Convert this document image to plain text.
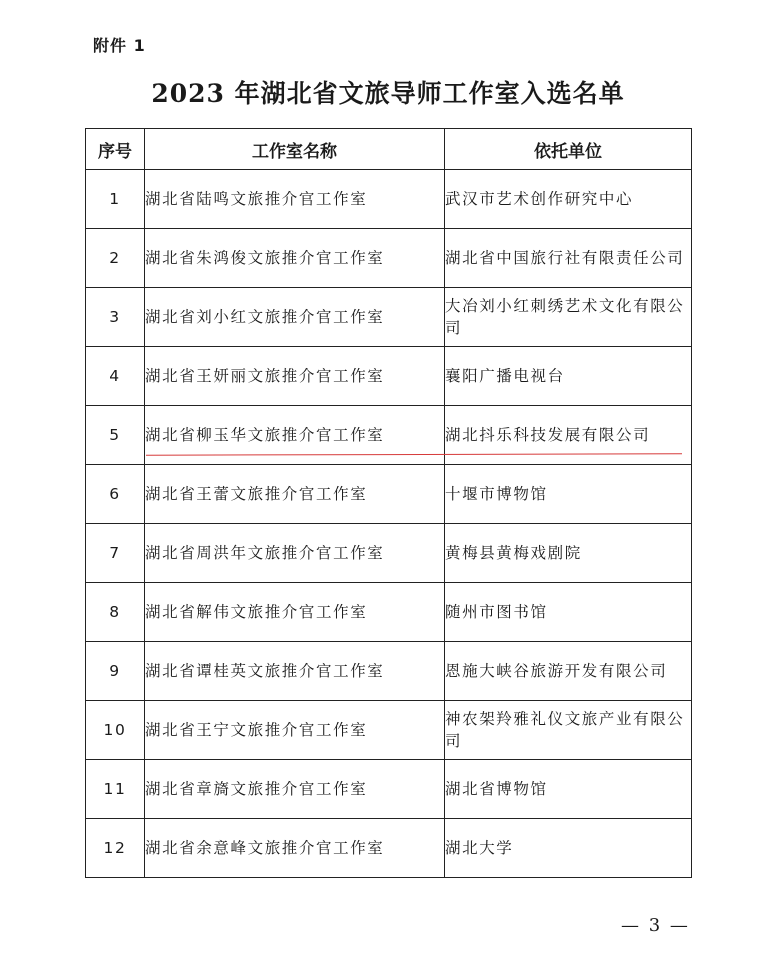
附件 1
2023 年湖北省文旅导师工作室入选名单
序号	工作室名称	依托单位
1	湖北省陆鸣文旅推介官工作室	武汉市艺术创作研究中心
2	湖北省朱鸿俊文旅推介官工作室	湖北省中国旅行社有限责任公司
3	湖北省刘小红文旅推介官工作室	大冶刘小红刺绣艺术文化有限公司
4	湖北省王妍丽文旅推介官工作室	襄阳广播电视台
5	湖北省柳玉华文旅推介官工作室	湖北抖乐科技发展有限公司
6	湖北省王蕾文旅推介官工作室	十堰市博物馆
7	湖北省周洪年文旅推介官工作室	黄梅县黄梅戏剧院
8	湖北省解伟文旅推介官工作室	随州市图书馆
9	湖北省谭桂英文旅推介官工作室	恩施大峡谷旅游开发有限公司
10	湖北省王宁文旅推介官工作室	神农架羚雅礼仪文旅产业有限公司
11	湖北省章旖文旅推介官工作室	湖北省博物馆
12	湖北省余意峰文旅推介官工作室	湖北大学
— 3 —
